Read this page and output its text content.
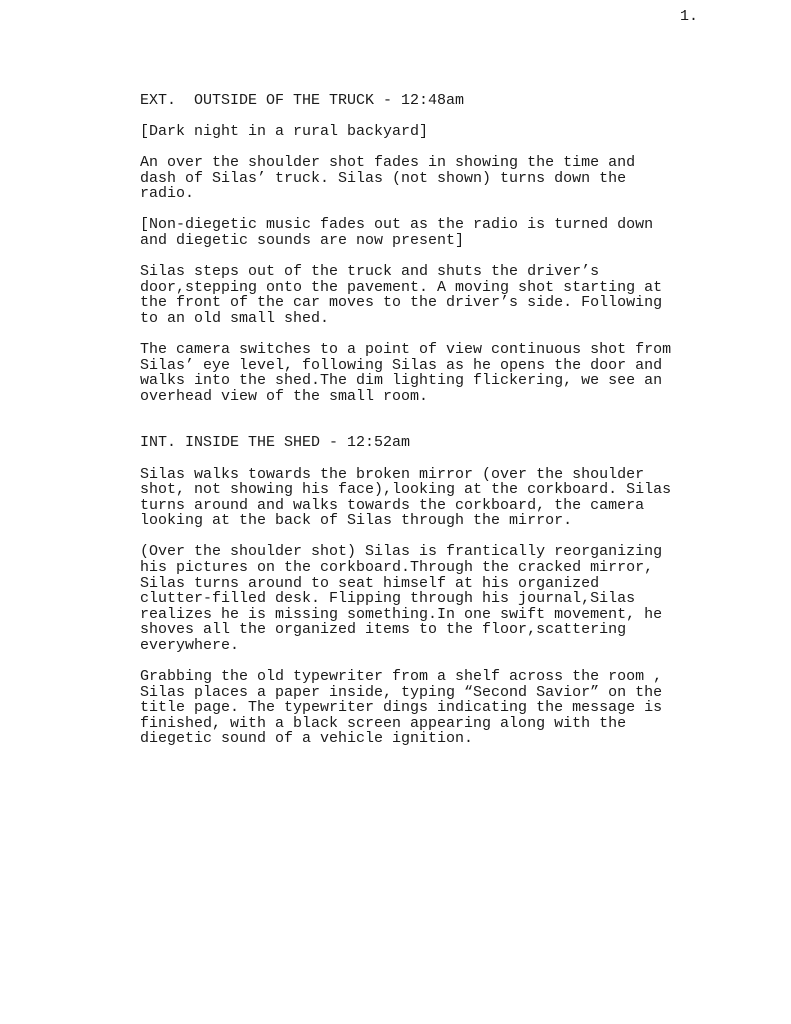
1.
EXT.  OUTSIDE OF THE TRUCK - 12:48am
[Dark night in a rural backyard]
An over the shoulder shot fades in showing the time and
dash of Silas’ truck. Silas (not shown) turns down the
radio.
[Non-diegetic music fades out as the radio is turned down
and diegetic sounds are now present]
Silas steps out of the truck and shuts the driver’s
door,stepping onto the pavement. A moving shot starting at
the front of the car moves to the driver’s side. Following
to an old small shed.
The camera switches to a point of view continuous shot from
Silas’ eye level, following Silas as he opens the door and
walks into the shed.The dim lighting flickering, we see an
overhead view of the small room.
INT. INSIDE THE SHED - 12:52am
Silas walks towards the broken mirror (over the shoulder
shot, not showing his face),looking at the corkboard. Silas
turns around and walks towards the corkboard, the camera
looking at the back of Silas through the mirror.
(Over the shoulder shot) Silas is frantically reorganizing
his pictures on the corkboard.Through the cracked mirror,
Silas turns around to seat himself at his organized
clutter-filled desk. Flipping through his journal,Silas
realizes he is missing something.In one swift movement, he
shoves all the organized items to the floor,scattering
everywhere.
Grabbing the old typewriter from a shelf across the room ,
Silas places a paper inside, typing “Second Savior” on the
title page. The typewriter dings indicating the message is
finished, with a black screen appearing along with the
diegetic sound of a vehicle ignition.
